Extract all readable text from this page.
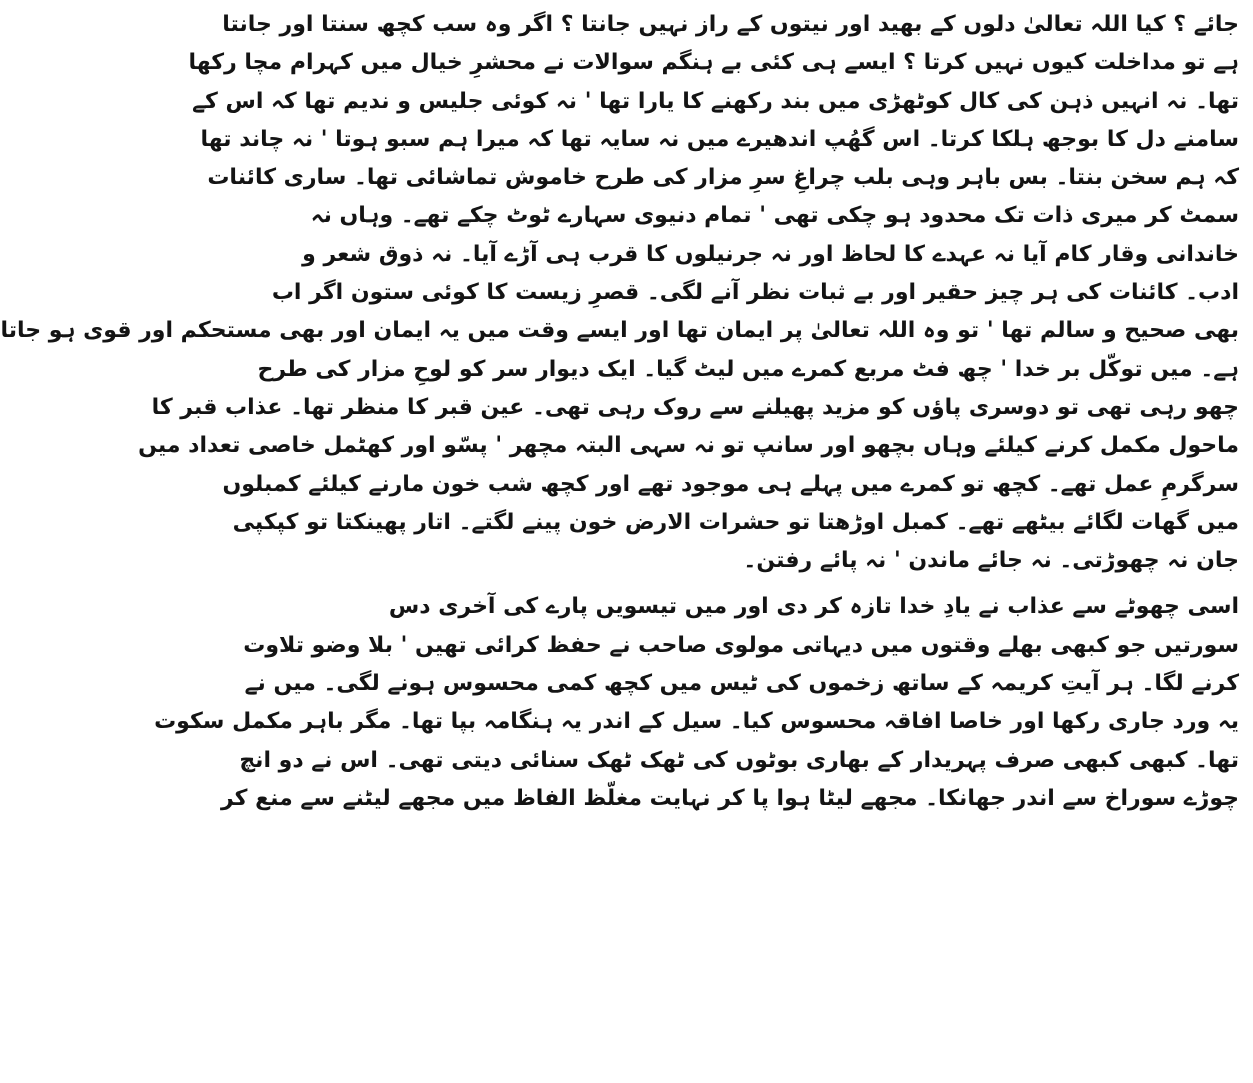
جائے ؟ کیا اللہ تعالیٰ دلوں کے بھید اور نیتوں کے راز نہیں جانتا ؟ اگر وہ سب کچھ سنتا اور جانتا
ہے تو مداخلت کیوں نہیں کرتا ؟ ایسے ہی کئی بے ہنگم سوالات نے محشرِ خیال میں کہرام مچا رکھا
تھا۔ نہ انہیں ذہن کی کال کوٹھڑی میں بند رکھنے کا یارا تھا ' نہ کوئی جلیس و ندیم تھا کہ اس کے
سامنے دل کا بوجھ ہلکا کرتا۔ اس گھُپ اندھیرے میں نہ سایہ تھا کہ میرا ہم سبو ہوتا ' نہ چاند تھا
کہ ہم سخن بنتا۔ بس باہر وہی بلب چراغِ سرِ مزار کی طرح خاموش تماشائی تھا۔ ساری کائنات
سمٹ کر میری ذات تک محدود ہو چکی تھی ' تمام دنیوی سہارے ٹوٹ چکے تھے۔ وہاں نہ
خاندانی وقار کام آیا نہ عہدے کا لحاظ اور نہ جرنیلوں کا قرب ہی آڑے آیا۔ نہ ذوق شعر و
ادب۔ کائنات کی ہر چیز حقیر اور بے ثبات نظر آنے لگی۔ قصرِ زیست کا کوئی ستون اگر اب
بھی صحیح و سالم تھا ' تو وہ اللہ تعالیٰ پر ایمان تھا اور ایسے وقت میں یہ ایمان اور بھی مستحکم اور قوی ہو جاتا
ہے۔ میں توکّل بر خدا ' چھ فٹ مربع کمرے میں لیٹ گیا۔ ایک دیوار سر کو لوحِ مزار کی طرح
چھو رہی تھی تو دوسری پاؤں کو مزید پھیلنے سے روک رہی تھی۔ عین قبر کا منظر تھا۔ عذاب قبر کا
ماحول مکمل کرنے کیلئے وہاں بچھو اور سانپ تو نہ سہی البتہ مچھر ' پسّو اور کھٹمل خاصی تعداد میں
سرگرمِ عمل تھے۔ کچھ تو کمرے میں پہلے ہی موجود تھے اور کچھ شب خون مارنے کیلئے کمبلوں
میں گھات لگائے بیٹھے تھے۔ کمبل اوڑھتا تو حشرات الارض خون پینے لگتے۔ اتار پھینکتا تو کپکپی
جان نہ چھوڑتی۔ نہ جائے ماندن ' نہ پائے رفتن۔
اسی چھوٹے سے عذاب نے یادِ خدا تازہ کر دی اور میں تیسویں پارے کی آخری دس
سورتیں جو کبھی بھلے وقتوں میں دیہاتی مولوی صاحب نے حفظ کرائی تھیں ' بلا وضو تلاوت
کرنے لگا۔ ہر آیتِ کریمہ کے ساتھ زخموں کی ٹیس میں کچھ کمی محسوس ہونے لگی۔ میں نے
یہ ورد جاری رکھا اور خاصا افاقہ محسوس کیا۔ سیل کے اندر یہ ہنگامہ بپا تھا۔ مگر باہر مکمل سکوت
تھا۔ کبھی کبھی صرف پہریدار کے بھاری بوٹوں کی ٹھک ٹھک سنائی دیتی تھی۔ اس نے دو انچ
چوڑے سوراخ سے اندر جھانکا۔ مجھے لیٹا ہوا پا کر نہایت مغلّظ الفاظ میں مجھے لیٹنے سے منع کر
